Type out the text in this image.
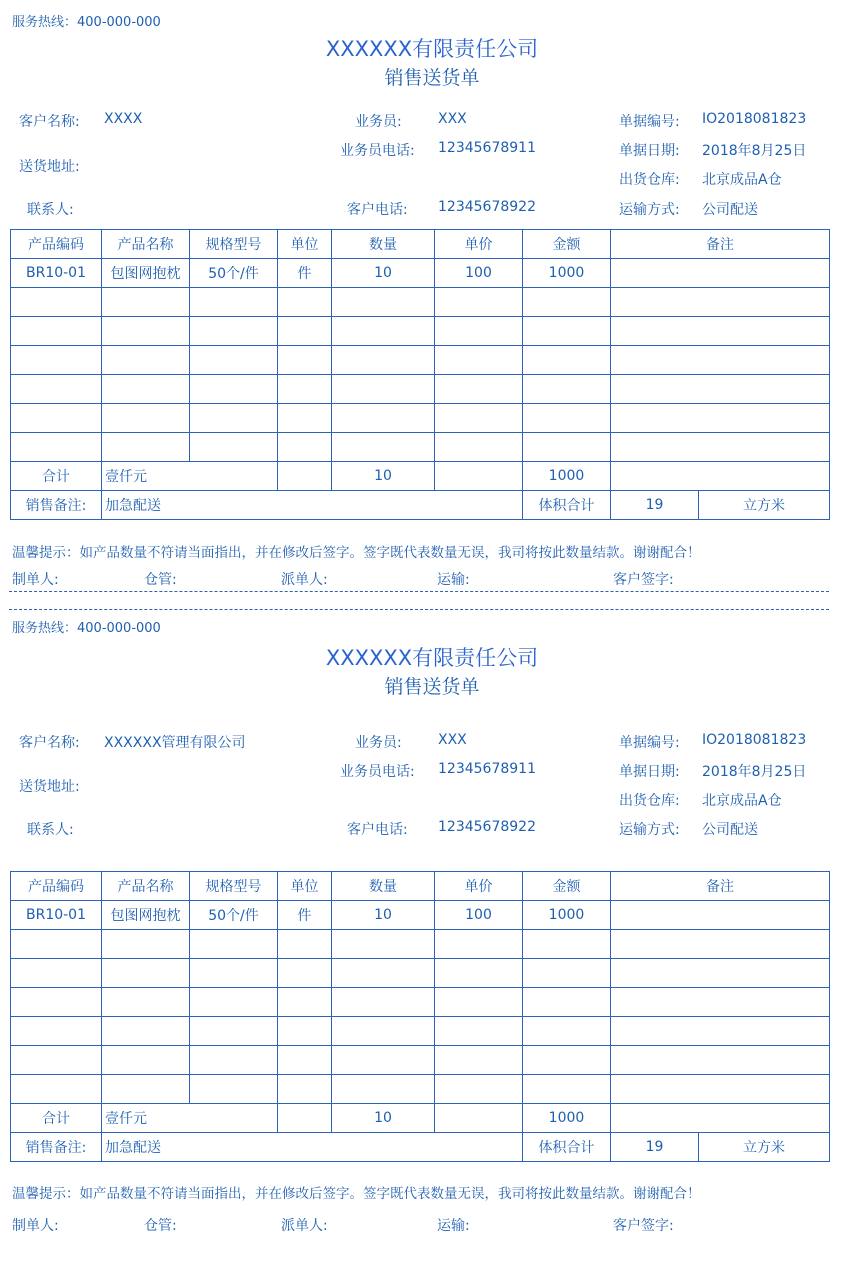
服务热线：400-000-000
XXXXXX有限责任公司
销售送货单
客户名称: XXXX
送货地址:
联系人:
业务员:	XXX
业务员电话: 12345678911
客户电话: 12345678922
单据编号: IO2018081823
单据日期: 2018年8月25日
出货仓库: 北京成品A仓
运输方式: 公司配送
产品编码	产品名称	规格型号	单位	数量	单价	金额	备注	
BR10-01	包图网抱枕	50个/件	件	10	100	1000		

合计	壹仟元			10		1000		
销售备注:	加急配送					体积合计	19	立方米
温馨提示：如产品数量不符请当面指出，并在修改后签字。签字既代表数量无误，我司将按此数量结款。谢谢配合！
制单人:	仓管:	派单人:	运输:	客户签字:
服务热线：400-000-000
XXXXXX有限责任公司
销售送货单
客户名称: XXXXXX管理有限公司
送货地址:
联系人:
业务员:	XXX
业务员电话: 12345678911
客户电话: 12345678922
单据编号: IO2018081823
单据日期: 2018年8月25日
出货仓库: 北京成品A仓
运输方式: 公司配送
产品编码	产品名称	规格型号	单位	数量	单价	金额	备注	
BR10-01	包图网抱枕	50个/件	件	10	100	1000		

合计	壹仟元			10		1000		
销售备注:	加急配送					体积合计	19	立方米
温馨提示：如产品数量不符请当面指出，并在修改后签字。签字既代表数量无误，我司将按此数量结款。谢谢配合！
制单人:	仓管:	派单人:	运输:	客户签字:
